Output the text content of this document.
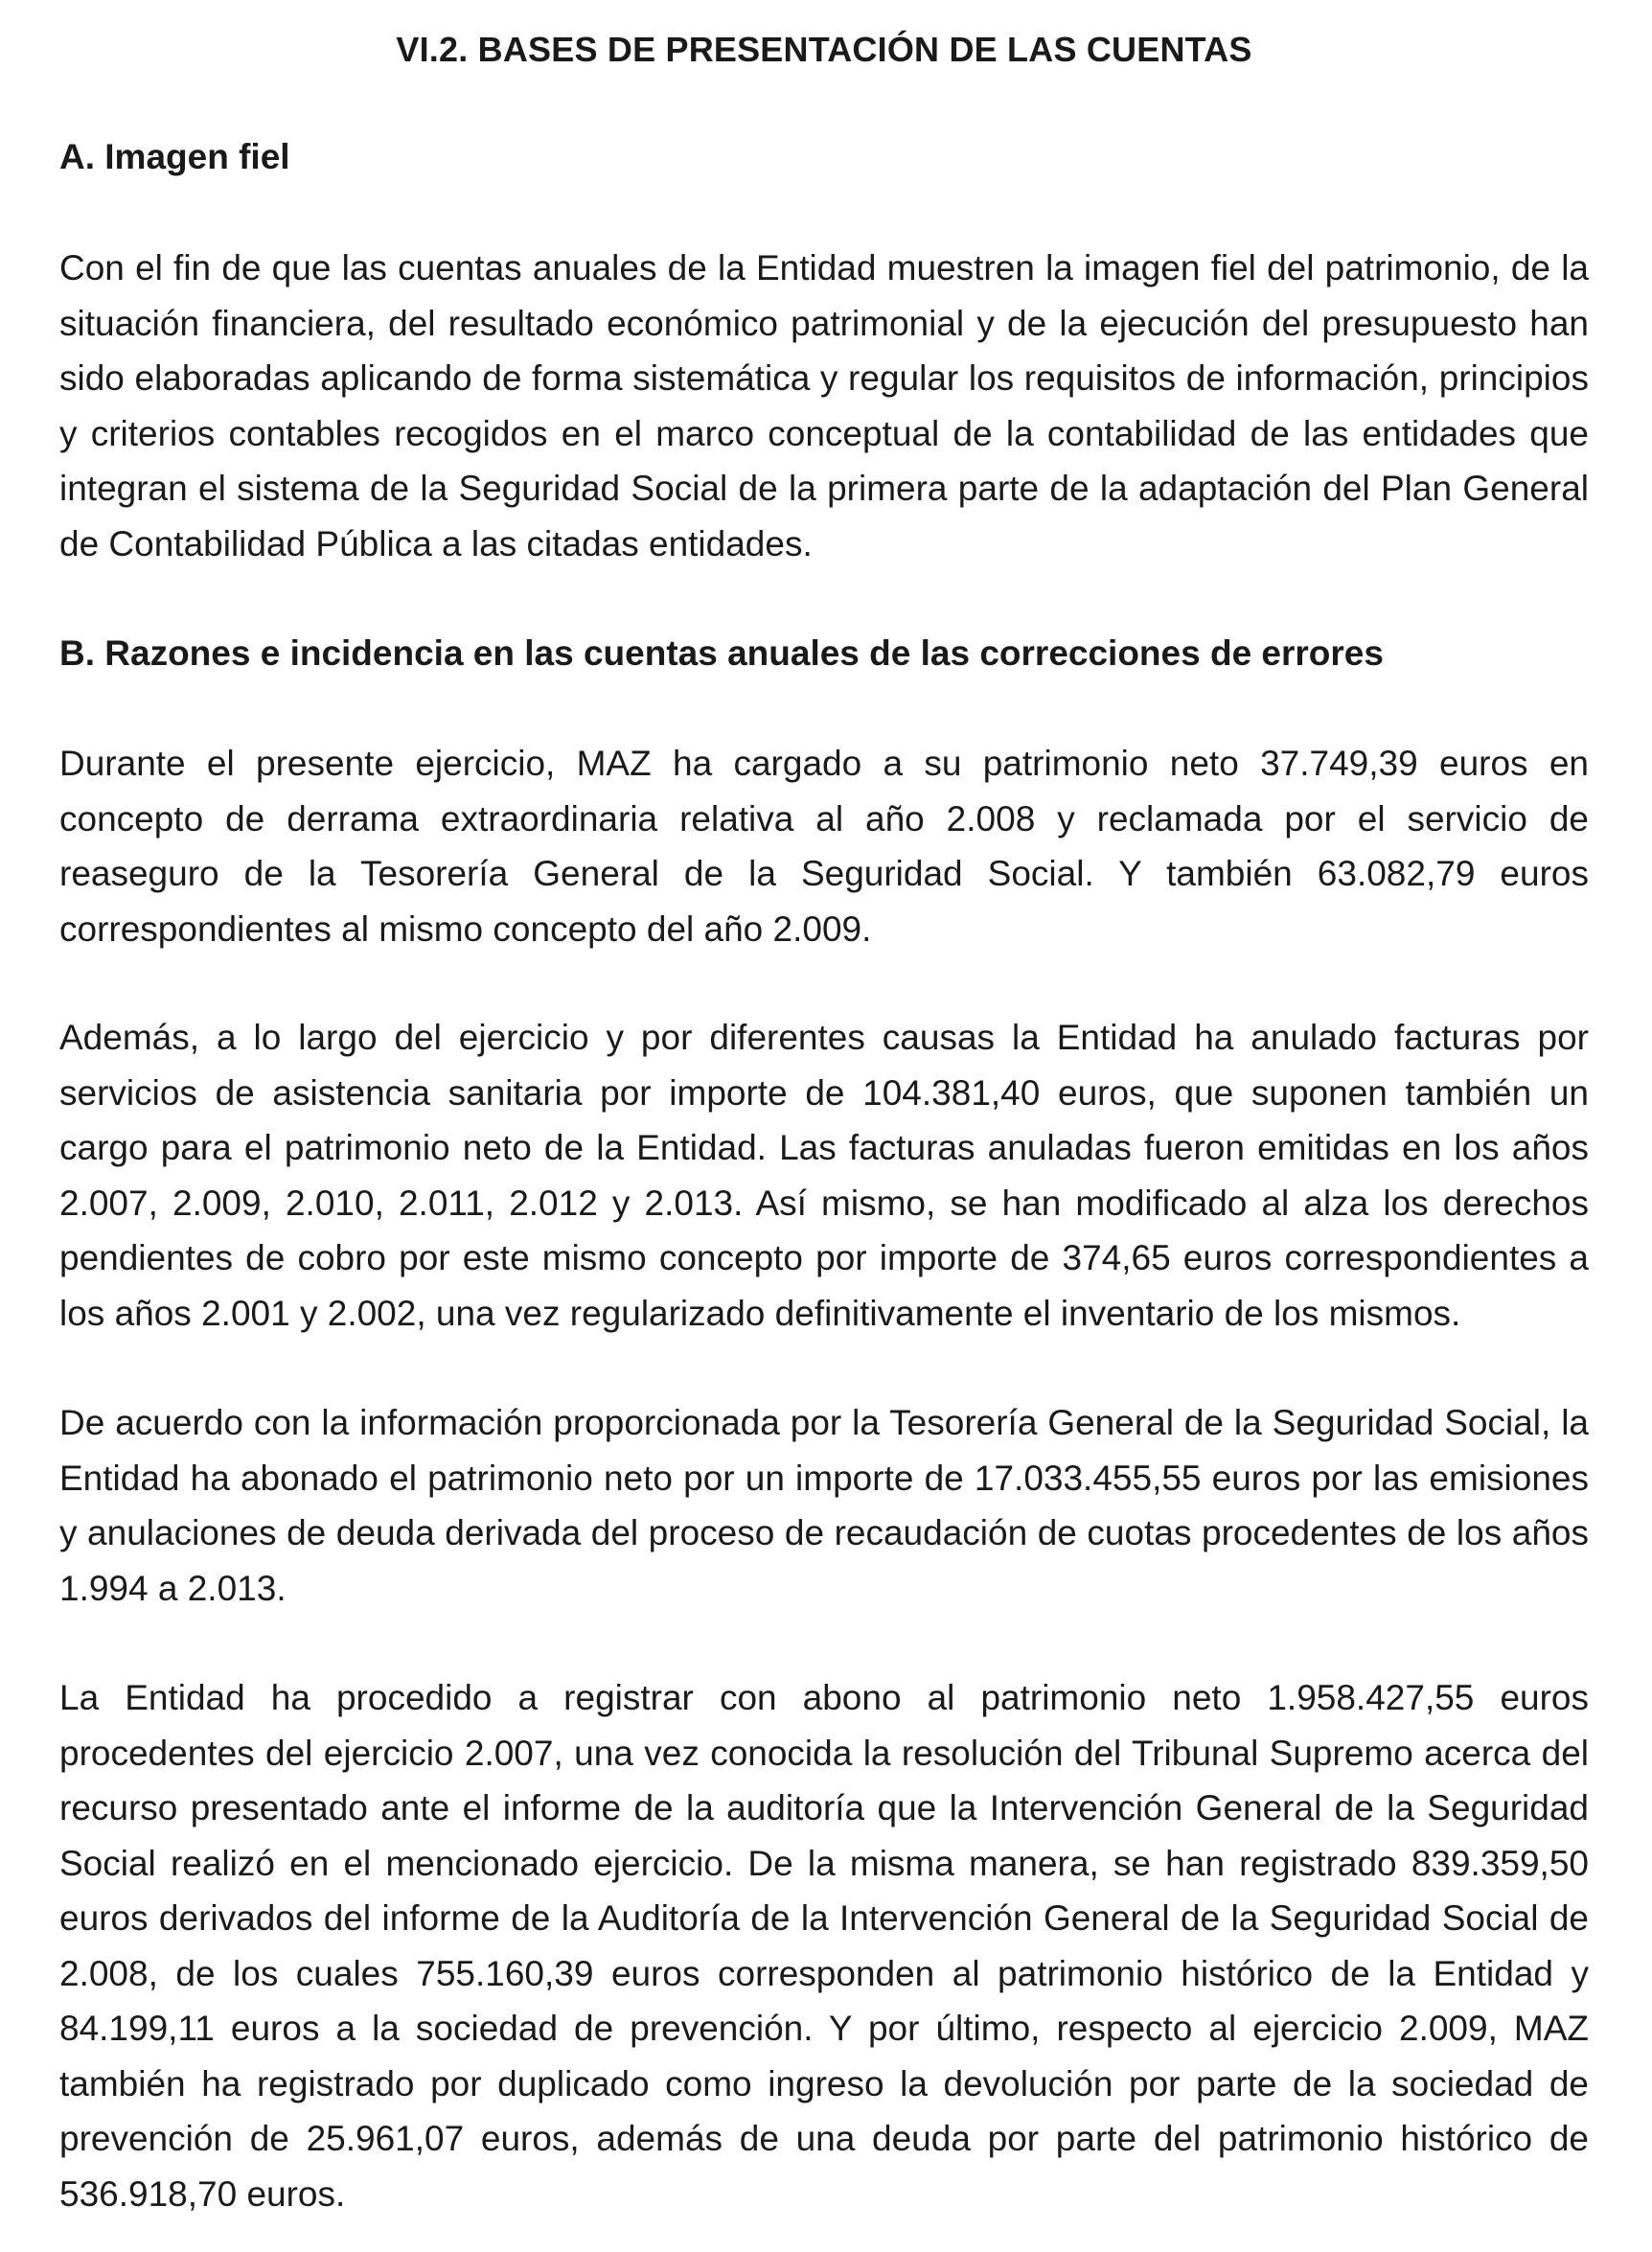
VI.2. BASES DE PRESENTACIÓN DE LAS CUENTAS
A. Imagen fiel

Con el fin de que las cuentas anuales de la Entidad muestren la imagen fiel del patrimonio, de la situación financiera, del resultado económico patrimonial y de la ejecución del presupuesto han sido elaboradas aplicando de forma sistemática y regular los requisitos de información, principios y criterios contables recogidos en el marco conceptual de la contabilidad de las entidades que integran el sistema de la Seguridad Social de la primera parte de la adaptación del Plan General de Contabilidad Pública a las citadas entidades.

B. Razones e incidencia en las cuentas anuales de las correcciones de errores

Durante el presente ejercicio, MAZ ha cargado a su patrimonio neto 37.749,39 euros en concepto de derrama extraordinaria relativa al año 2.008 y reclamada por el servicio de reaseguro de la Tesorería General de la Seguridad Social. Y también 63.082,79 euros correspondientes al mismo concepto del año 2.009.

Además, a lo largo del ejercicio y por diferentes causas la Entidad ha anulado facturas por servicios de asistencia sanitaria por importe de 104.381,40 euros, que suponen también un cargo para el patrimonio neto de la Entidad. Las facturas anuladas fueron emitidas en los años 2.007, 2.009, 2.010, 2.011, 2.012 y 2.013. Así mismo, se han modificado al alza los derechos pendientes de cobro por este mismo concepto por importe de 374,65 euros correspondientes a los años 2.001 y 2.002, una vez regularizado definitivamente el inventario de los mismos.

De acuerdo con la información proporcionada por la Tesorería General de la Seguridad Social, la Entidad ha abonado el patrimonio neto por un importe de 17.033.455,55 euros por las emisiones y anulaciones de deuda derivada del proceso de recaudación de cuotas procedentes de los años 1.994 a 2.013.

La Entidad ha procedido a registrar con abono al patrimonio neto 1.958.427,55 euros procedentes del ejercicio 2.007, una vez conocida la resolución del Tribunal Supremo acerca del recurso presentado ante el informe de la auditoría que la Intervención General de la Seguridad Social realizó en el mencionado ejercicio. De la misma manera, se han registrado 839.359,50 euros derivados del informe de la Auditoría de la Intervención General de la Seguridad Social de 2.008, de los cuales 755.160,39 euros corresponden al patrimonio histórico de la Entidad y 84.199,11 euros a la sociedad de prevención. Y por último, respecto al ejercicio 2.009, MAZ también ha registrado por duplicado como ingreso la devolución por parte de la sociedad de prevención de 25.961,07 euros, además de una deuda por parte del patrimonio histórico de 536.918,70 euros.
